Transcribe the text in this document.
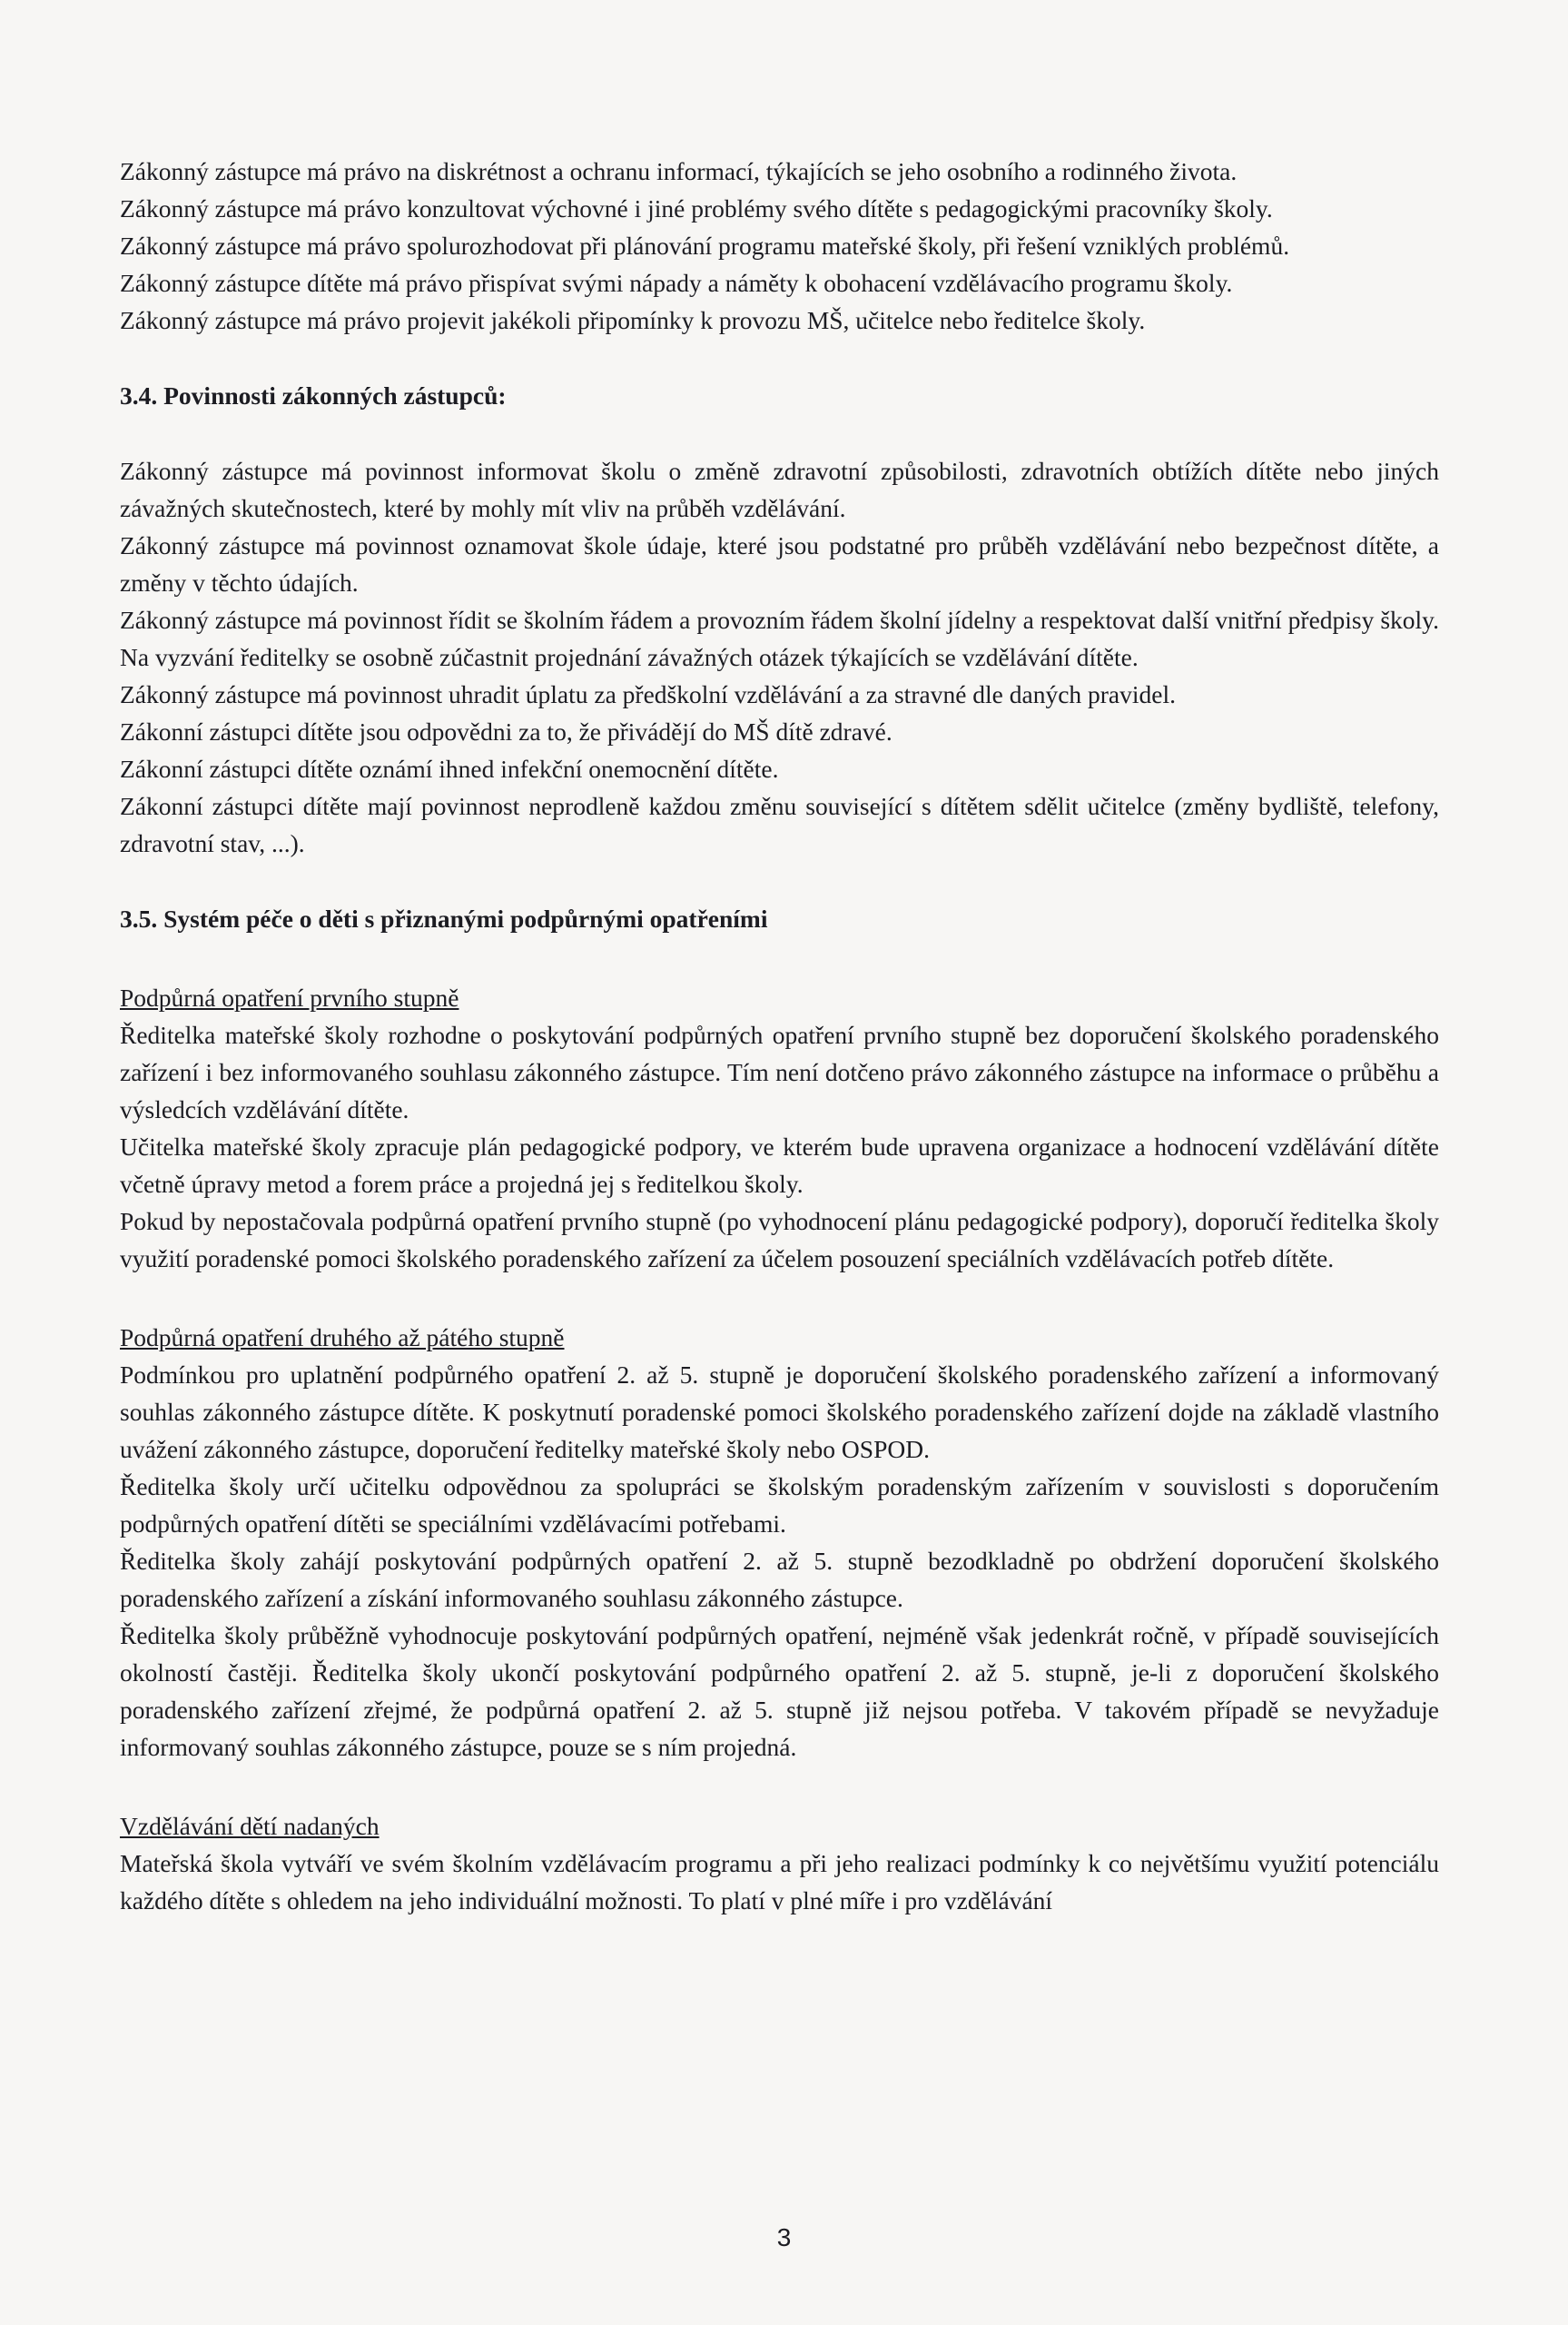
Zákonný zástupce má právo na diskrétnost a ochranu informací, týkajících se jeho osobního a rodinného života.

Zákonný zástupce má právo konzultovat výchovné i jiné problémy svého dítěte s pedagogickými pracovníky školy.

Zákonný zástupce má právo spolurozhodovat při plánování programu mateřské školy, při řešení vzniklých problémů.

Zákonný zástupce dítěte má právo přispívat svými nápady a náměty k obohacení vzdělávacího programu školy.

Zákonný zástupce má právo projevit jakékoli připomínky k provozu MŠ, učitelce nebo ředitelce školy.

3.4. Povinnosti zákonných zástupců:

Zákonný zástupce má povinnost informovat školu o změně zdravotní způsobilosti, zdravotních obtížích dítěte nebo jiných závažných skutečnostech, které by mohly mít vliv na průběh vzdělávání.

Zákonný zástupce má povinnost oznamovat škole údaje, které jsou podstatné pro průběh vzdělávání nebo bezpečnost dítěte, a změny v těchto údajích.

Zákonný zástupce má povinnost řídit se školním řádem a provozním řádem školní jídelny a respektovat další vnitřní předpisy školy. Na vyzvání ředitelky se osobně zúčastnit projednání závažných otázek týkajících se vzdělávání dítěte.

Zákonný zástupce má povinnost uhradit úplatu za předškolní vzdělávání a za stravné dle daných pravidel.

Zákonní zástupci dítěte jsou odpovědni za to, že přivádějí do MŠ dítě zdravé.

Zákonní zástupci dítěte oznámí ihned infekční onemocnění dítěte.

Zákonní zástupci dítěte mají povinnost neprodleně každou změnu související s dítětem sdělit učitelce (změny bydliště, telefony, zdravotní stav, ...).

3.5. Systém péče o děti s přiznanými podpůrnými opatřeními
Podpůrná opatření prvního stupně

Ředitelka mateřské školy rozhodne o poskytování podpůrných opatření prvního stupně bez doporučení školského poradenského zařízení i bez informovaného souhlasu zákonného zástupce. Tím není dotčeno právo zákonného zástupce na informace o průběhu a výsledcích vzdělávání dítěte.

Učitelka mateřské školy zpracuje plán pedagogické podpory, ve kterém bude upravena organizace a hodnocení vzdělávání dítěte včetně úpravy metod a forem práce a projedná jej s ředitelkou školy.

Pokud by nepostačovala podpůrná opatření prvního stupně (po vyhodnocení plánu pedagogické podpory), doporučí ředitelka školy využití poradenské pomoci školského poradenského zařízení za účelem posouzení speciálních vzdělávacích potřeb dítěte.

Podpůrná opatření druhého až pátého stupně

Podmínkou pro uplatnění podpůrného opatření 2. až 5. stupně je doporučení školského poradenského zařízení a informovaný souhlas zákonného zástupce dítěte. K poskytnutí poradenské pomoci školského poradenského zařízení dojde na základě vlastního uvážení zákonného zástupce, doporučení ředitelky mateřské školy nebo OSPOD.

Ředitelka školy určí učitelku odpovědnou za spolupráci se školským poradenským zařízením v souvislosti s doporučením podpůrných opatření dítěti se speciálními vzdělávacími potřebami.

Ředitelka školy zahájí poskytování podpůrných opatření 2. až 5. stupně bezodkladně po obdržení doporučení školského poradenského zařízení a získání informovaného souhlasu zákonného zástupce.

Ředitelka školy průběžně vyhodnocuje poskytování podpůrných opatření, nejméně však jedenkrát ročně, v případě souvisejících okolností častěji. Ředitelka školy ukončí poskytování podpůrného opatření 2. až 5. stupně, je-li z doporučení školského poradenského zařízení zřejmé, že podpůrná opatření 2. až 5. stupně již nejsou potřeba. V takovém případě se nevyžaduje informovaný souhlas zákonného zástupce, pouze se s ním projedná.

Vzdělávání dětí nadaných

Mateřská škola vytváří ve svém školním vzdělávacím programu a při jeho realizaci podmínky k co největšímu využití potenciálu každého dítěte s ohledem na jeho individuální možnosti. To platí v plné míře i pro vzdělávání

3
